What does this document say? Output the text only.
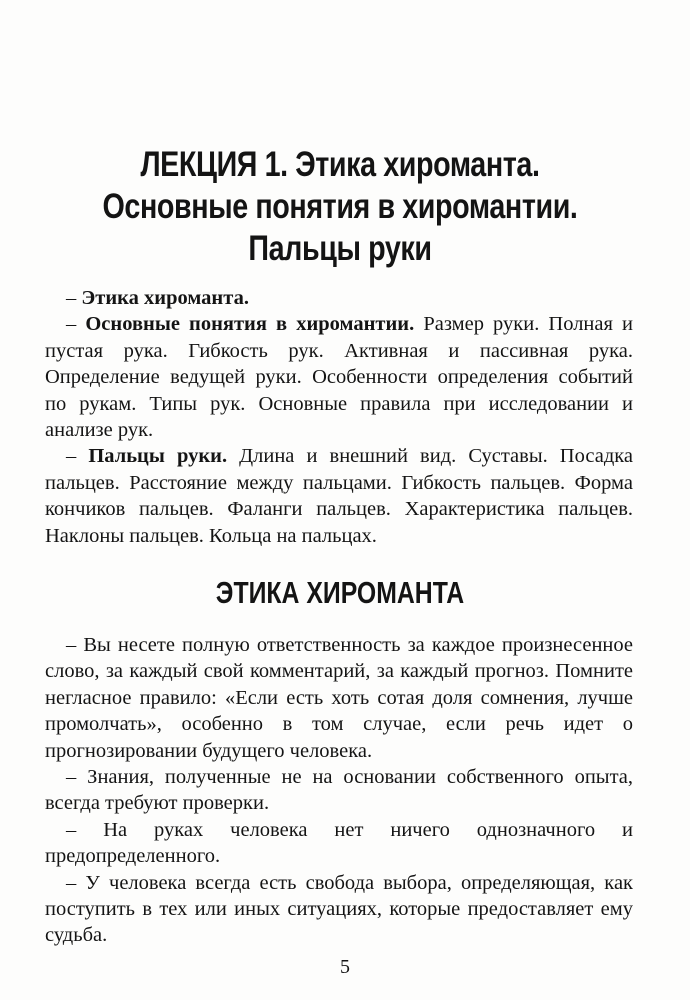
ЛЕКЦИЯ 1. Этика хироманта.
Основные понятия в хиромантии.
Пальцы руки

– Этика хироманта.

– Основные понятия в хиромантии. Размер руки. Полная и пустая рука. Гибкость рук. Активная и пассивная рука. Определение ведущей руки. Особенности определения событий по рукам. Типы рук. Основные правила при исследовании и анализе рук.

– Пальцы руки. Длина и внешний вид. Суставы. Посадка пальцев. Расстояние между пальцами. Гибкость пальцев. Форма кончиков пальцев. Фаланги пальцев. Характеристика пальцев. Наклоны пальцев. Кольца на пальцах.

ЭТИКА ХИРОМАНТА

– Вы несете полную ответственность за каждое произнесенное слово, за каждый свой комментарий, за каждый прогноз. Помните негласное правило: «Если есть хоть сотая доля сомнения, лучше промолчать», особенно в том случае, если речь идет о прогнозировании будущего человека.

– Знания, полученные не на основании собственного опыта, всегда требуют проверки.

– На руках человека нет ничего однозначного и предопределенного.

– У человека всегда есть свобода выбора, определяющая, как поступить в тех или иных ситуациях, которые предоставляет ему судьба.

5
